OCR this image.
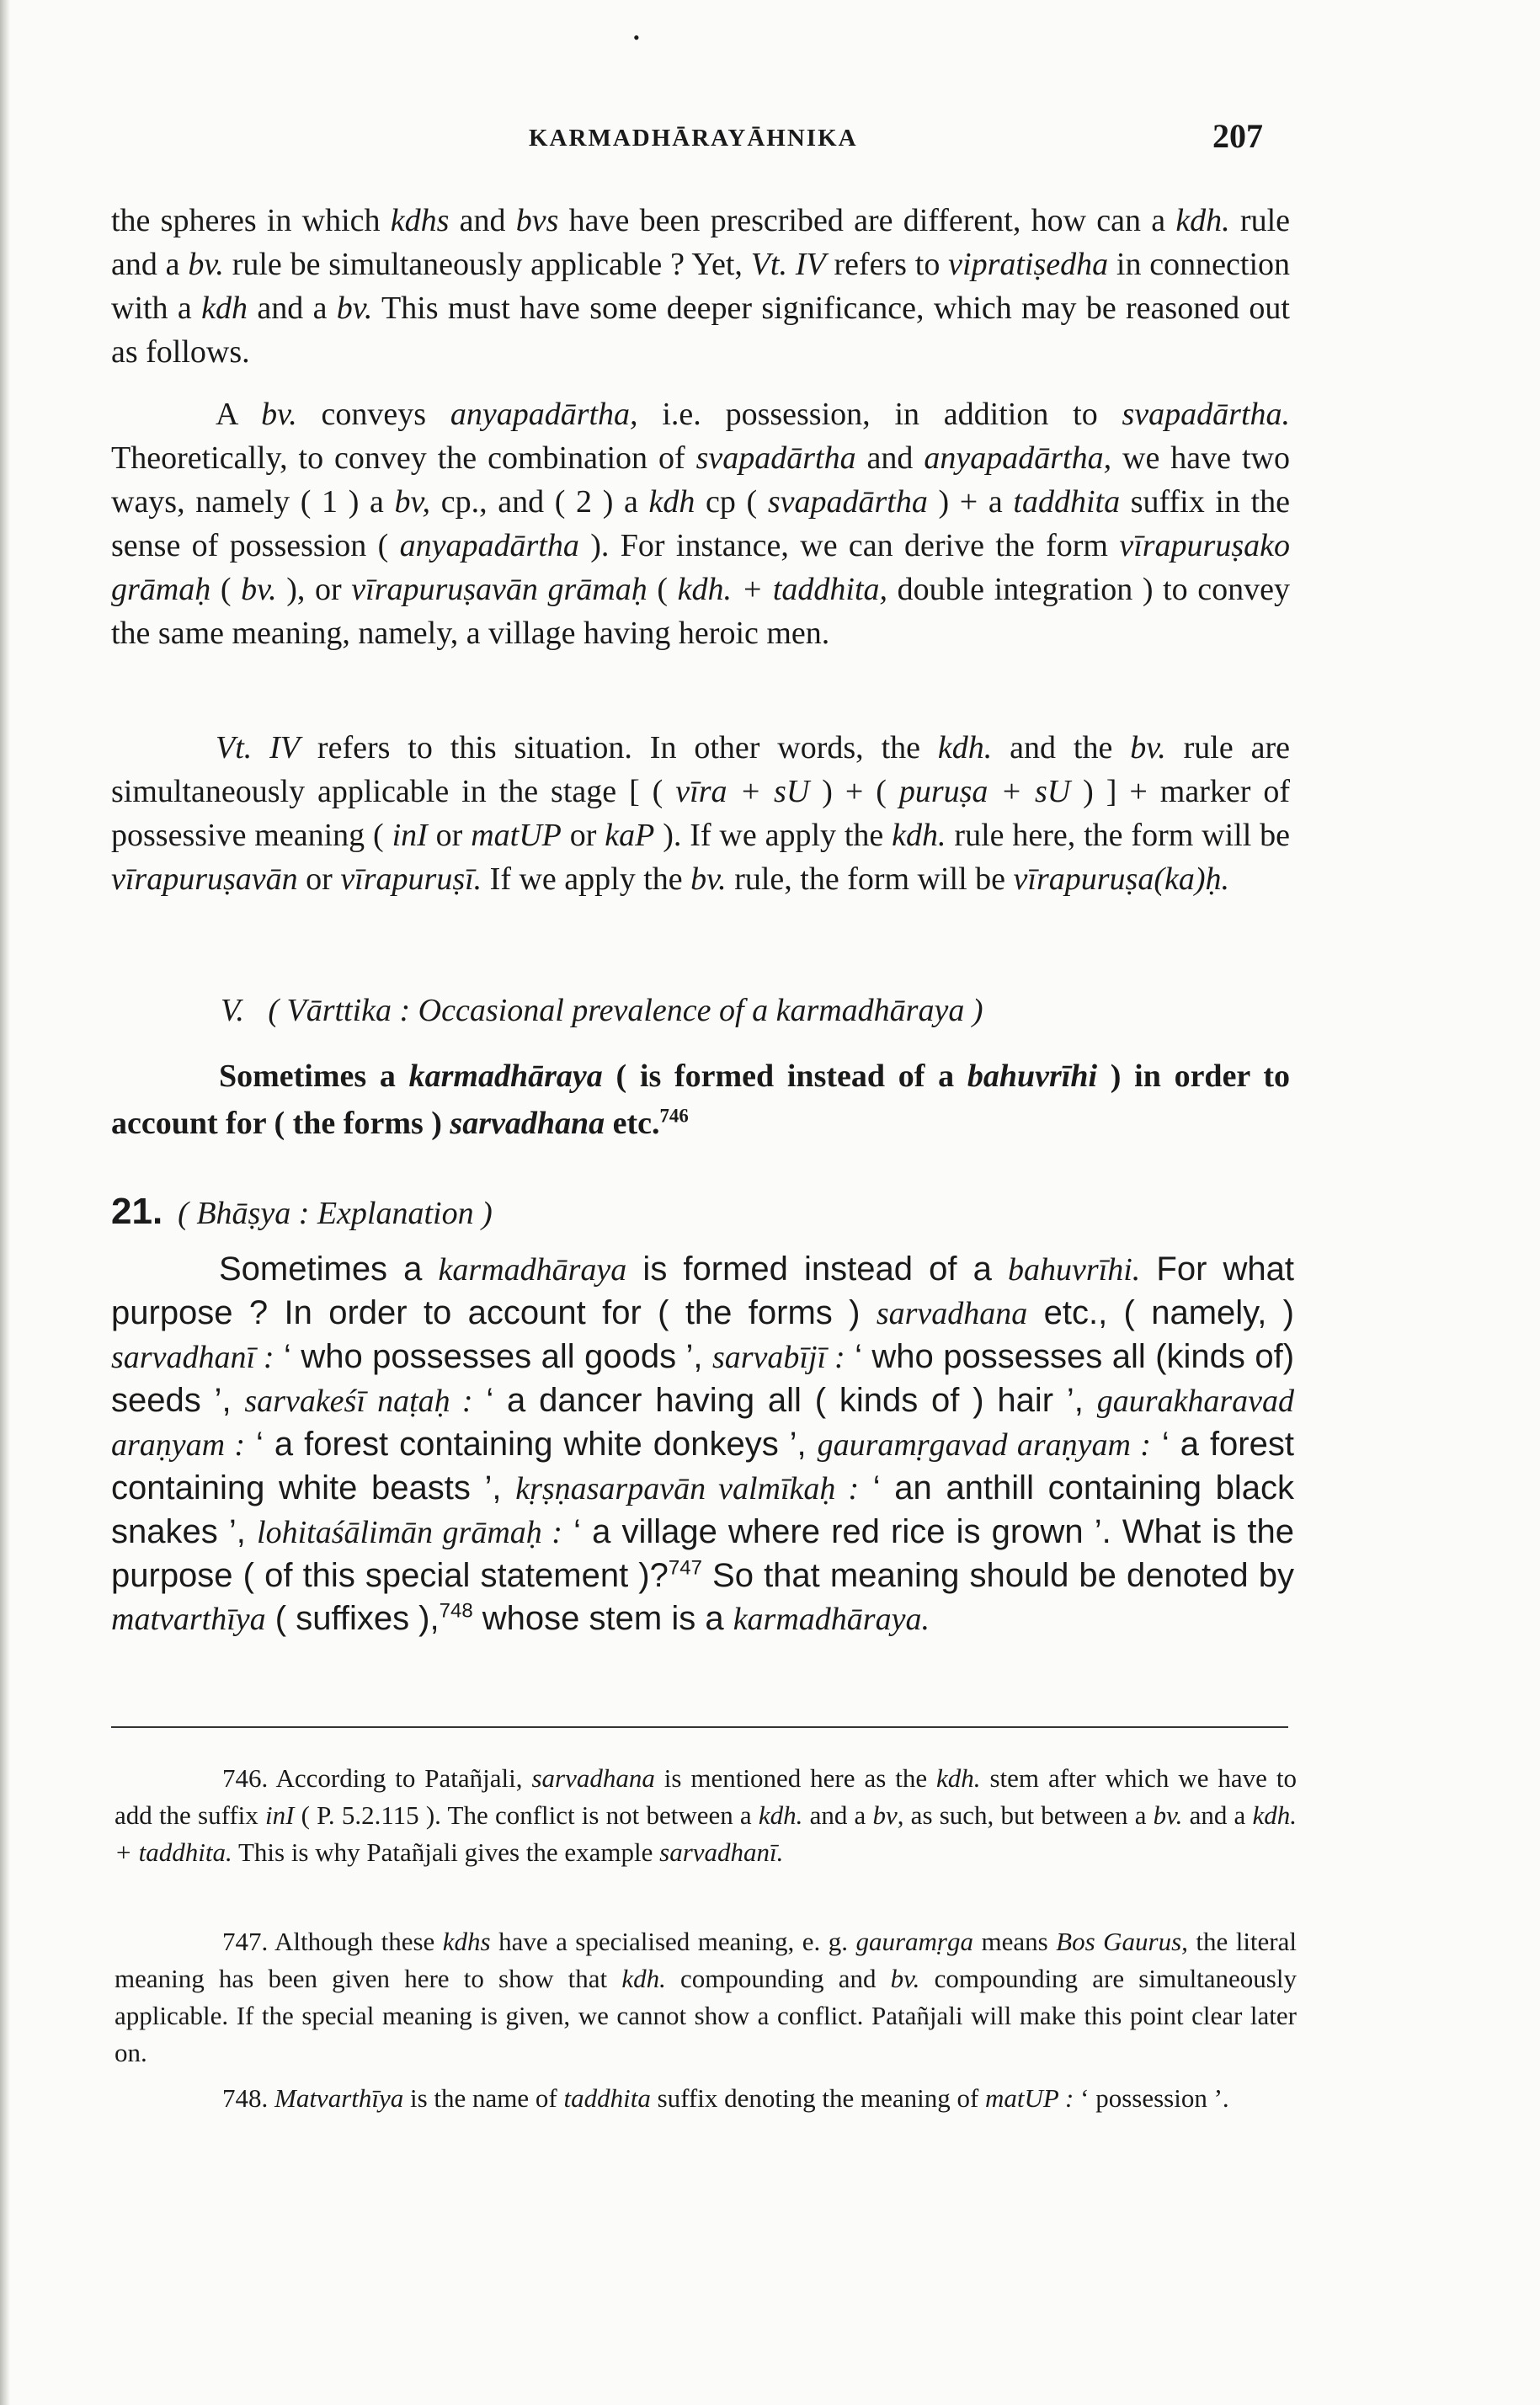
•
KARMADHĀRAYĀHNIKA	207
the spheres in which kdhs and bvs have been prescribed are different, how can a kdh. rule and a bv. rule be simultaneously applicable ? Yet, Vt. IV refers to vipratiṣedha in connection with a kdh and a bv. This must have some deeper significance, which may be reasoned out as follows.
A bv. conveys anyapadārtha, i.e. possession, in addition to svapadārtha. Theoretically, to convey the combination of svapadārtha and anyapadārtha, we have two ways, namely ( 1 ) a bv, cp., and ( 2 ) a kdh cp ( svapadārtha ) + a taddhita suffix in the sense of possession ( anyapadārtha ). For instance, we can derive the form vīrapuruṣako grāmaḥ ( bv. ), or vīrapuruṣavān grāmaḥ ( kdh. + taddhita, double integration ) to convey the same meaning, namely, a village having heroic men.
Vt. IV refers to this situation. In other words, the kdh. and the bv. rule are simultaneously applicable in the stage [ ( vīra + sU ) + ( puruṣa + sU ) ] + marker of possessive meaning ( inI or matUP or kaP ). If we apply the kdh. rule here, the form will be vīrapuruṣavān or vīrapuruṣī. If we apply the bv. rule, the form will be vīrapuruṣa(ka)ḥ.
V. ( Vārttika : Occasional prevalence of a karmadhāraya )
Sometimes a karmadhāraya ( is formed instead of a bahuvrīhi ) in order to account for ( the forms ) sarvadhana etc.$^{746}$
21. ( Bhāṣya : Explanation )
Sometimes a karmadhāraya is formed instead of a bahuvrīhi. For what purpose ? In order to account for ( the forms ) sarvadhana etc., ( namely, ) sarvadhanī : ‘ who possesses all goods ’, sarvabījī : ‘ who possesses all (kinds of) seeds ’, sarvakeśī naṭaḥ : ‘ a dancer having all ( kinds of ) hair ’, gaurakharavad araṇyam : ‘ a forest containing white donkeys ’, gauramṛgavad araṇyam : ‘ a forest containing white beasts ’, kṛṣṇasarpavān valmīkaḥ : ‘ an anthill containing black snakes ’, lohitaśālimān grāmaḥ : ‘ a village where red rice is grown ’. What is the purpose ( of this special statement )?$^{747}$ So that meaning should be denoted by matvarthīya ( suffixes ),$^{748}$ whose stem is a karmadhāraya.
746. According to Patañjali, sarvadhana is mentioned here as the kdh. stem after which we have to add the suffix inI ( P. 5.2.115 ). The conflict is not between a kdh. and a bv, as such, but between a bv. and a kdh. + taddhita. This is why Patañjali gives the example sarvadhanī.
747. Although these kdhs have a specialised meaning, e. g. gauramṛga means Bos Gaurus, the literal meaning has been given here to show that kdh. compounding and bv. compounding are simultaneously applicable. If the special meaning is given, we cannot show a conflict. Patañjali will make this point clear later on.
748. Matvarthīya is the name of taddhita suffix denoting the meaning of matUP : ‘ possession ’.
